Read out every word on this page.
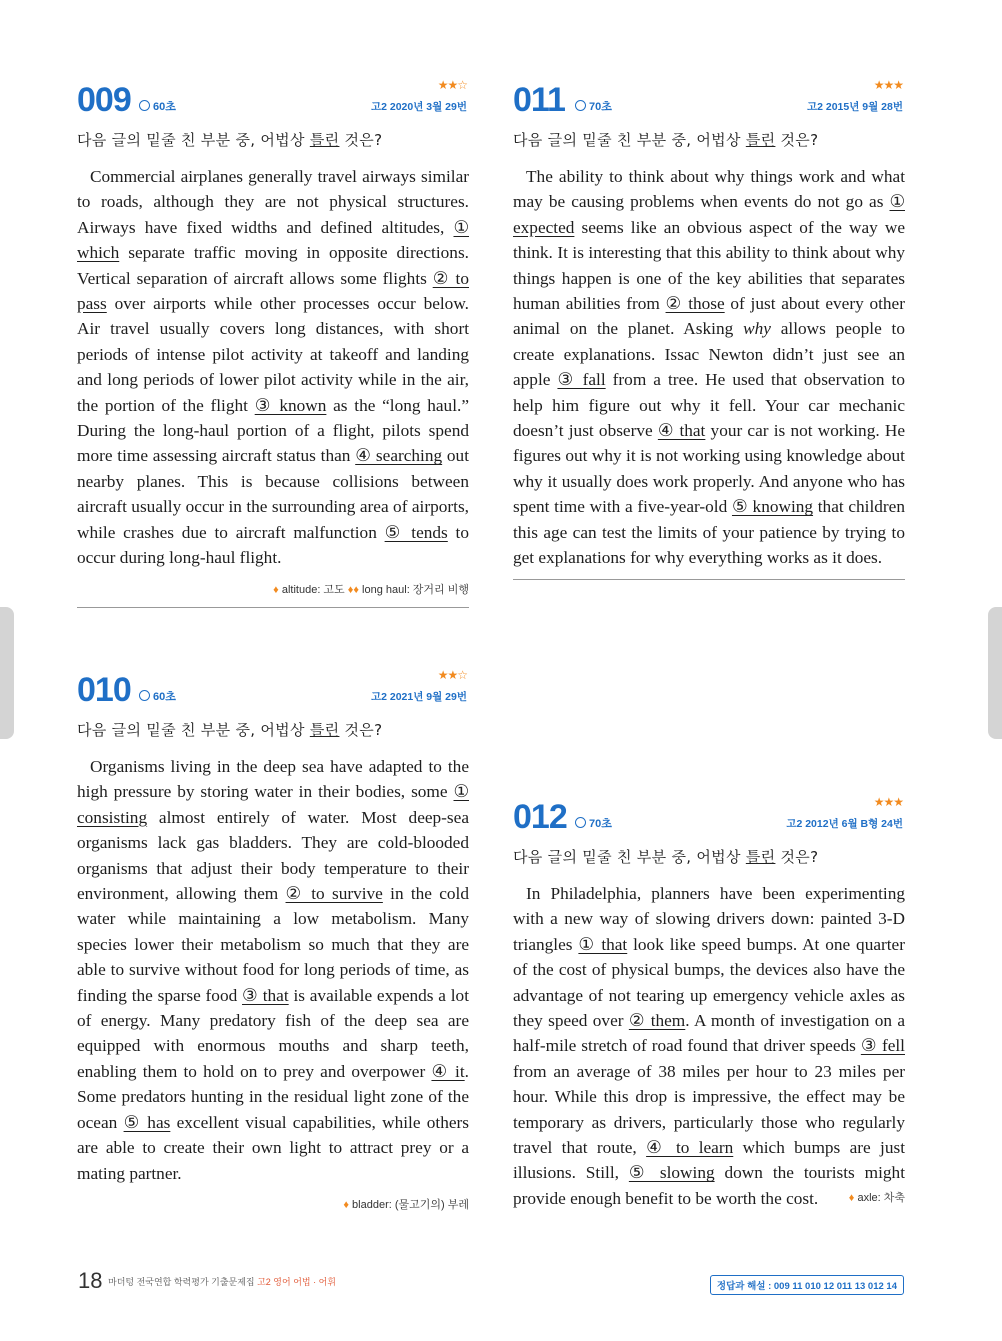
009	60초
★★☆
고2 2020년 3월 29번
다음 글의 밑줄 친 부분 중, 어법상 틀린 것은?

Commercial airplanes generally travel airways similar to roads, although they are not physical structures. Airways have fixed widths and defined altitudes, ① which separate traffic moving in opposite directions. Vertical separation of aircraft allows some flights ② to pass over airports while other processes occur below. Air travel usually covers long distances, with short periods of intense pilot activity at takeoff and landing and long periods of lower pilot activity while in the air, the portion of the flight ③ known as the “long haul.” During the long-haul portion of a flight, pilots spend more time assessing aircraft status than ④ searching out nearby planes. This is because collisions between aircraft usually occur in the surrounding area of airports, while crashes due to aircraft malfunction ⑤ tends to occur during long-haul flight.

♦ altitude: 고도 ♦♦ long haul: 장거리 비행
011	70초
★★★
고2 2015년 9월 28번
다음 글의 밑줄 친 부분 중, 어법상 틀린 것은?

The ability to think about why things work and what may be causing problems when events do not go as ① expected seems like an obvious aspect of the way we think. It is interesting that this ability to think about why things happen is one of the key abilities that separates human abilities from ② those of just about every other animal on the planet. Asking why allows people to create explanations. Issac Newton didn’t just see an apple ③ fall from a tree. He used that observation to help him figure out why it fell. Your car mechanic doesn’t just observe ④ that your car is not working. He figures out why it is not working using knowledge about why it usually does work properly. And anyone who has spent time with a five-year-old ⑤ knowing that children this age can test the limits of your patience by trying to get explanations for why everything works as it does.

010	60초
★★☆
고2 2021년 9월 29번
다음 글의 밑줄 친 부분 중, 어법상 틀린 것은?

Organisms living in the deep sea have adapted to the high pressure by storing water in their bodies, some ① consisting almost entirely of water. Most deep-sea organisms lack gas bladders. They are cold-blooded organisms that adjust their body temperature to their environment, allowing them ② to survive in the cold water while maintaining a low metabolism. Many species lower their metabolism so much that they are able to survive without food for long periods of time, as finding the sparse food ③ that is available expends a lot of energy. Many predatory fish of the deep sea are equipped with enormous mouths and sharp teeth, enabling them to hold on to prey and overpower ④ it. Some predators hunting in the residual light zone of the ocean ⑤ has excellent visual capabilities, while others are able to create their own light to attract prey or a mating partner.

♦ bladder: (물고기의) 부레
012	70초
★★★
고2 2012년 6월 B형 24번
다음 글의 밑줄 친 부분 중, 어법상 틀린 것은?

In Philadelphia, planners have been experimenting with a new way of slowing drivers down: painted 3-D triangles ① that look like speed bumps. At one quarter of the cost of physical bumps, the devices also have the advantage of not tearing up emergency vehicle axles as they speed over ② them. A month of investigation on a half-mile stretch of road found that driver speeds ③ fell from an average of 38 miles per hour to 23 miles per hour. While this drop is impressive, the effect may be temporary as drivers, particularly those who regularly travel that route, ④ to learn which bumps are just illusions. Still, ⑤ slowing down the tourists might provide enough benefit to be worth the cost.	♦ axle: 차축
18 마더텅 전국연합 학력평가 기출문제집 고2 영어 어법 · 어휘	정답과 해설 : 009 11 010 12 011 13 012 14
